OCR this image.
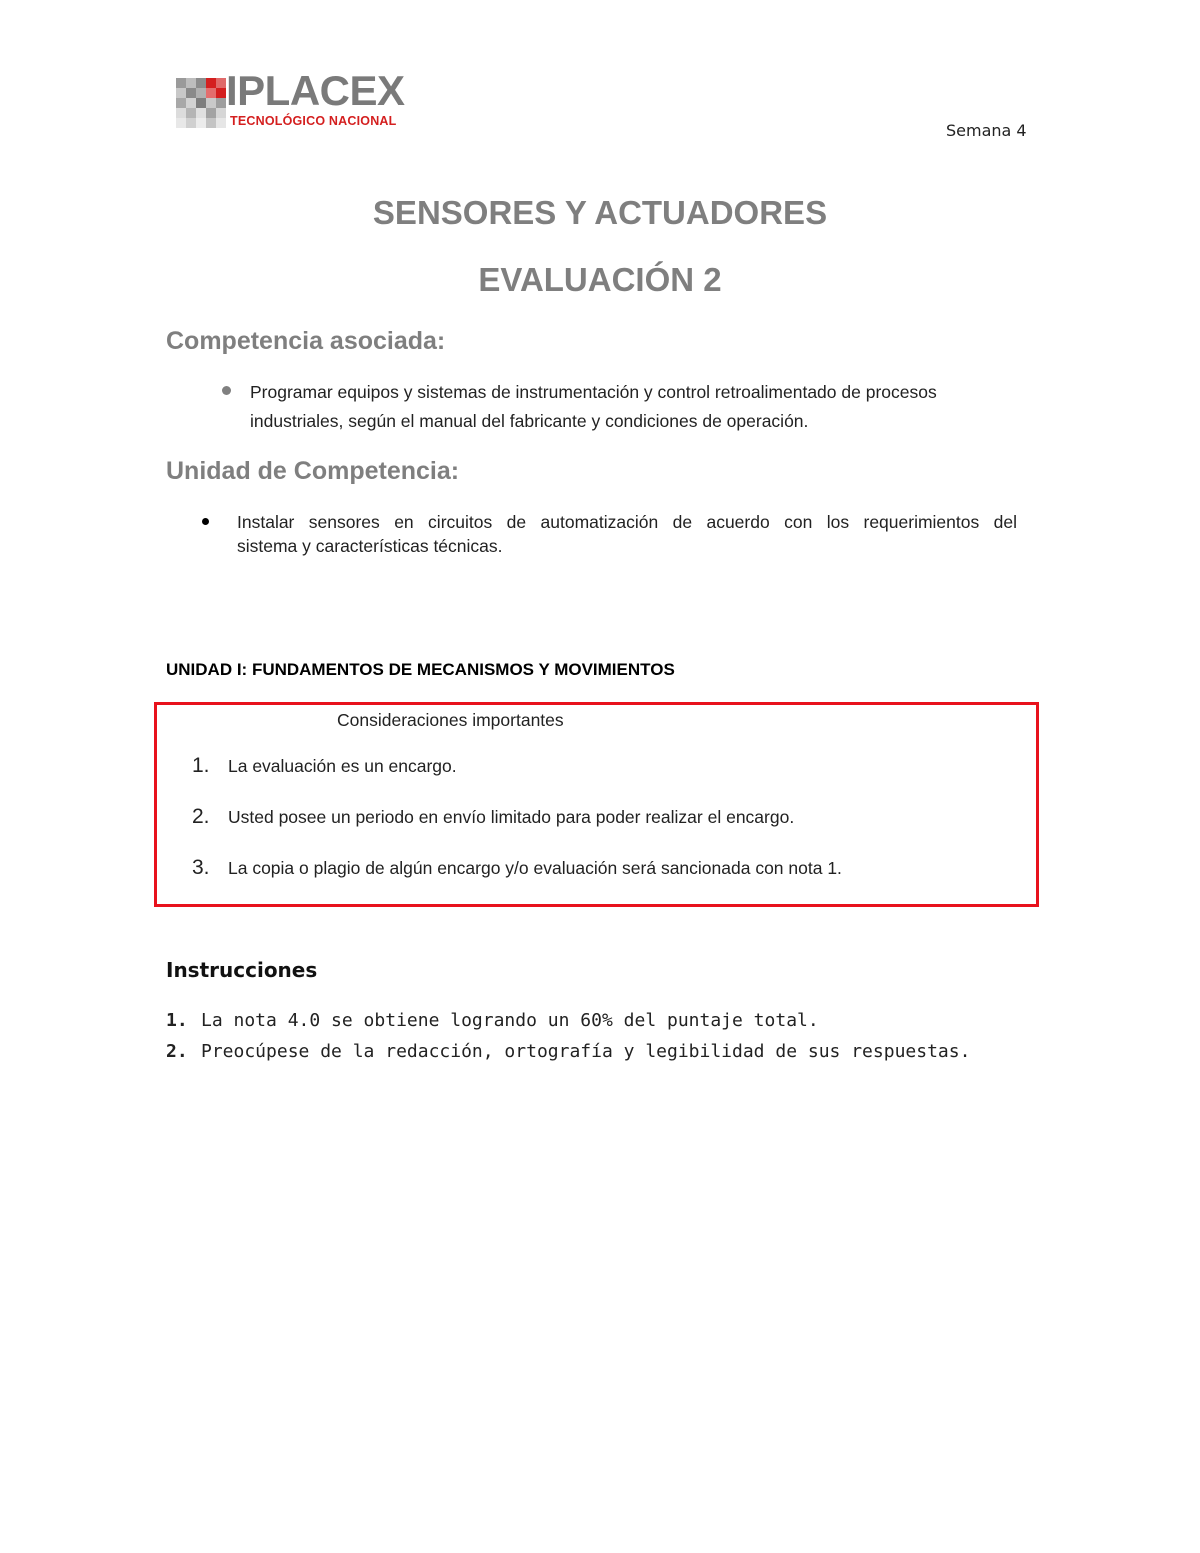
IPLACEX
TECNOLÓGICO NACIONAL	Semana 4
SENSORES Y ACTUADORES
EVALUACIÓN 2
Competencia asociada:
Programar equipos y sistemas de instrumentación y control retroalimentado de procesos
industriales, según el manual del fabricante y condiciones de operación.
Unidad de Competencia:
Instalar sensores en circuitos de automatización de acuerdo con los requerimientos del
sistema y características técnicas.
UNIDAD I: FUNDAMENTOS DE MECANISMOS Y MOVIMIENTOS
Consideraciones importantes
1. La evaluación es un encargo.
2. Usted posee un periodo en envío limitado para poder realizar el encargo.
3. La copia o plagio de algún encargo y/o evaluación será sancionada con nota 1.
Instrucciones
1. La nota 4.0 se obtiene logrando un 60% del puntaje total.
2. Preocúpese de la redacción, ortografía y legibilidad de sus respuestas.
